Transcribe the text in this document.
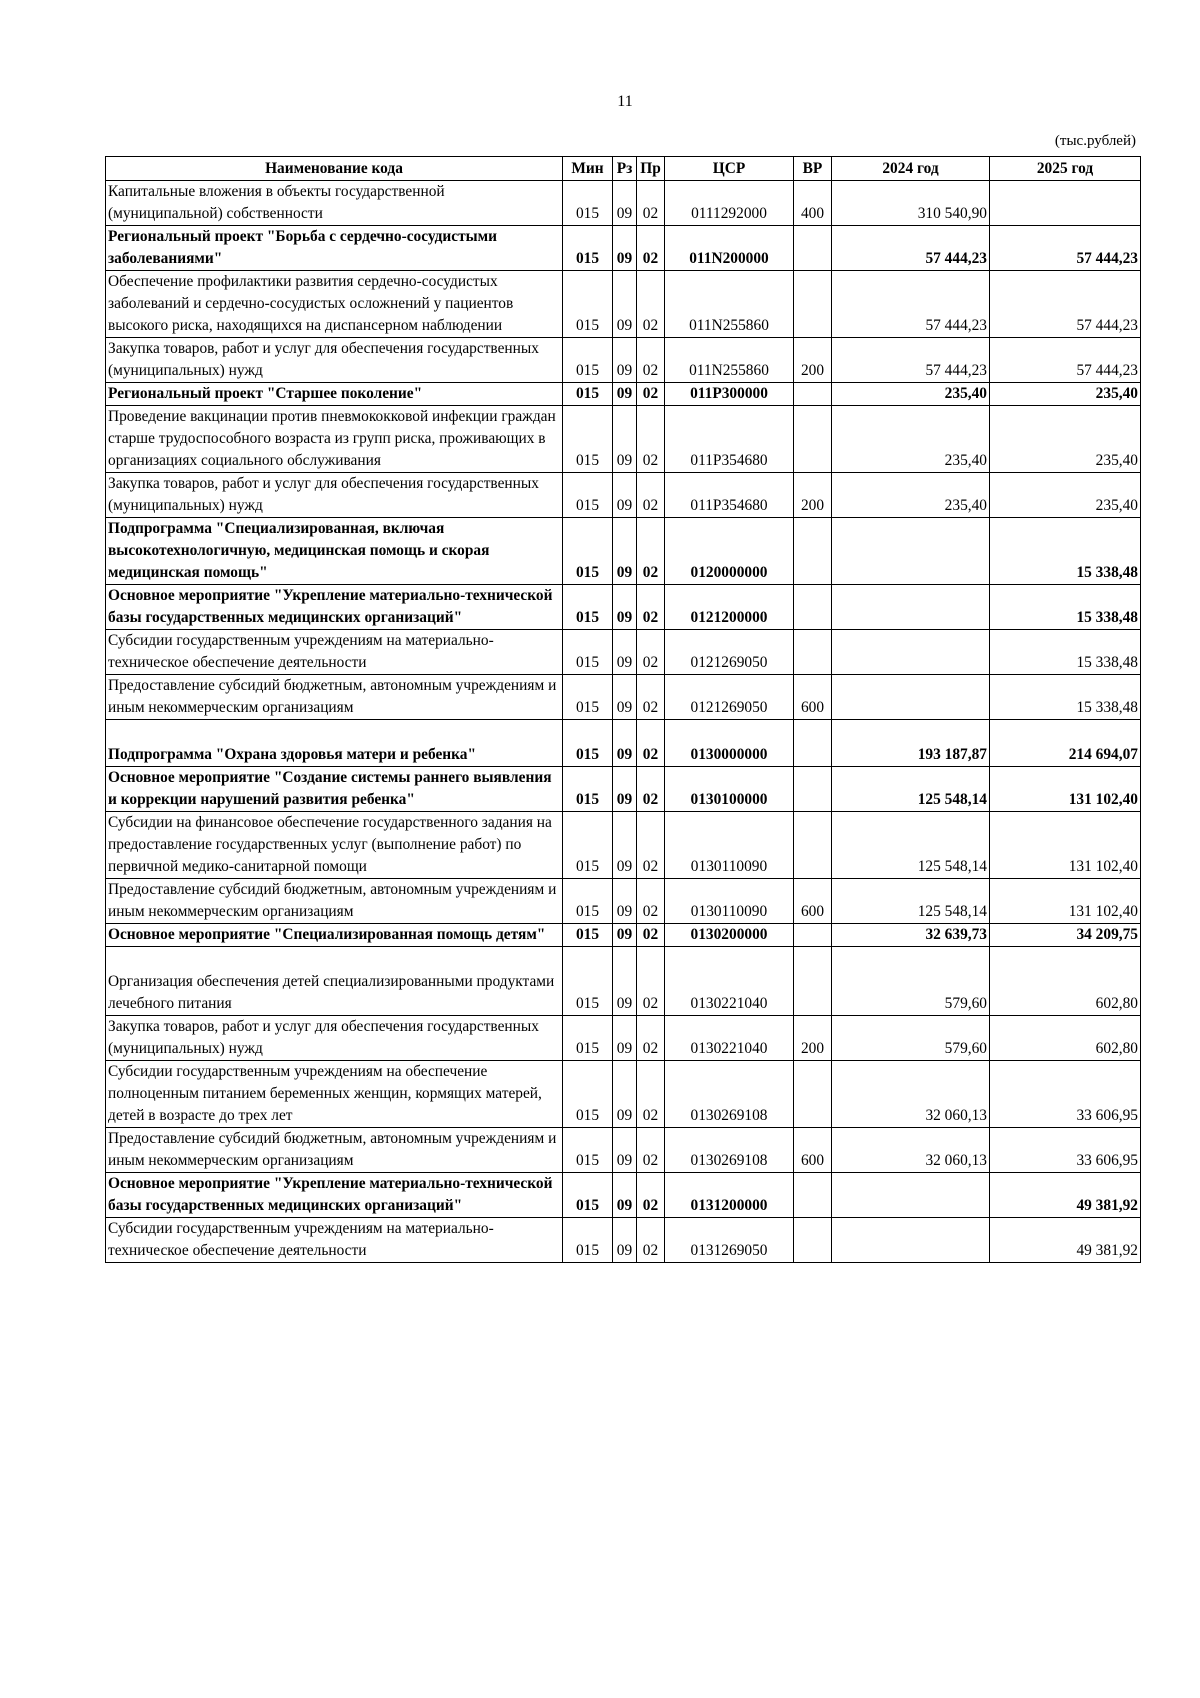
11
(тыс.рублей)
Наименование кода	Мин	Рз	Пр	ЦСР	ВР	2024 год	2025 год
Капитальные вложения в объекты государственной (муниципальной) собственности	015	09	02	0111292000	400	310 540,90	
Региональный проект "Борьба с сердечно-сосудистыми заболеваниями"	015	09	02	011N200000		57 444,23	57 444,23
Обеспечение профилактики развития сердечно-сосудистых заболеваний и сердечно-сосудистых осложнений у пациентов высокого риска, находящихся на диспансерном наблюдении	015	09	02	011N255860		57 444,23	57 444,23
Закупка товаров, работ и услуг для обеспечения государственных (муниципальных) нужд	015	09	02	011N255860	200	57 444,23	57 444,23
Региональный проект "Старшее поколение"	015	09	02	011P300000		235,40	235,40
Проведение вакцинации против пневмококковой инфекции граждан старше трудоспособного возраста из групп риска, проживающих в организациях социального обслуживания	015	09	02	011P354680		235,40	235,40
Закупка товаров, работ и услуг для обеспечения государственных (муниципальных) нужд	015	09	02	011P354680	200	235,40	235,40
Подпрограмма "Специализированная, включая высокотехнологичную, медицинская помощь и скорая медицинская помощь"	015	09	02	0120000000			15 338,48
Основное мероприятие "Укрепление материально-технической базы государственных медицинских организаций"	015	09	02	0121200000			15 338,48
Субсидии государственным учреждениям на материально-техническое обеспечение деятельности	015	09	02	0121269050			15 338,48
Предоставление субсидий бюджетным, автономным учреждениям и иным некоммерческим организациям	015	09	02	0121269050	600		15 338,48
Подпрограмма "Охрана здоровья матери и ребенка"	015	09	02	0130000000		193 187,87	214 694,07
Основное мероприятие "Создание системы раннего выявления и коррекции нарушений развития ребенка"	015	09	02	0130100000		125 548,14	131 102,40
Субсидии на финансовое обеспечение государственного задания на предоставление государственных услуг (выполнение работ) по первичной медико-санитарной помощи	015	09	02	0130110090		125 548,14	131 102,40
Предоставление субсидий бюджетным, автономным учреждениям и иным некоммерческим организациям	015	09	02	0130110090	600	125 548,14	131 102,40
Основное мероприятие "Специализированная помощь детям"	015	09	02	0130200000		32 639,73	34 209,75
Организация обеспечения детей специализированными продуктами лечебного питания	015	09	02	0130221040		579,60	602,80
Закупка товаров, работ и услуг для обеспечения государственных (муниципальных) нужд	015	09	02	0130221040	200	579,60	602,80
Субсидии государственным учреждениям на обеспечение полноценным питанием беременных женщин, кормящих матерей, детей в возрасте до трех лет	015	09	02	0130269108		32 060,13	33 606,95
Предоставление субсидий бюджетным, автономным учреждениям и иным некоммерческим организациям	015	09	02	0130269108	600	32 060,13	33 606,95
Основное мероприятие "Укрепление материально-технической базы государственных медицинских организаций"	015	09	02	0131200000			49 381,92
Субсидии государственным учреждениям на материально-техническое обеспечение деятельности	015	09	02	0131269050			49 381,92
